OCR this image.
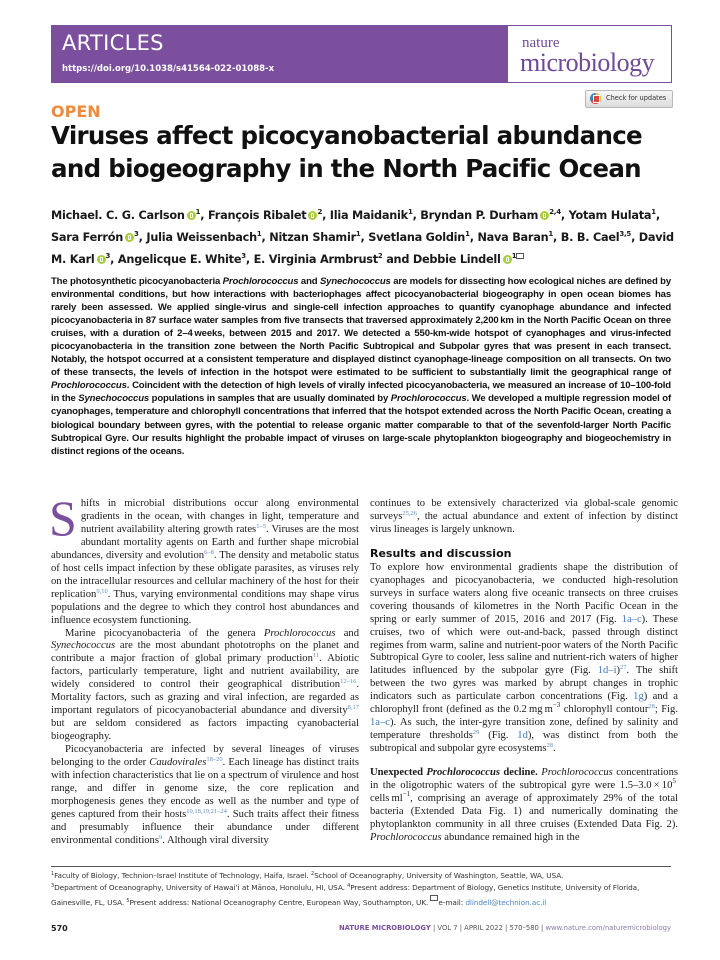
ARTICLES
https://doi.org/10.1038/s41564-022-01088-x
nature
microbiology
Check for updates
OPEN
Viruses affect picocyanobacterial abundance and biogeography in the North Pacific Ocean
Michael. C. G. Carlson $^1$, François Ribalet $^2$, Ilia Maidanik$^1$, Bryndan P. Durham $^{2,4}$, Yotam Hulata$^1$, Sara Ferrón $^3$, Julia Weissenbach$^1$, Nitzan Shamir$^1$, Svetlana Goldin$^1$, Nava Baran$^1$, B. B. Cael$^{3,5}$, David M. Karl $^3$, Angelicque E. White$^3$, E. Virginia Armbrust$^2$ and Debbie Lindell $^1$
The photosynthetic picocyanobacteria Prochlorococcus and Synechococcus are models for dissecting how ecological niches are defined by environmental conditions, but how interactions with bacteriophages affect picocyanobacterial biogeography in open ocean biomes has rarely been assessed. We applied single-virus and single-cell infection approaches to quantify cyanophage abundance and infected picocyanobacteria in 87 surface water samples from five transects that traversed approximately 2,200 km in the North Pacific Ocean on three cruises, with a duration of 2–4 weeks, between 2015 and 2017. We detected a 550-km-wide hotspot of cyanophages and virus-infected picocyanobacteria in the transition zone between the North Pacific Subtropical and Subpolar gyres that was present in each transect. Notably, the hotspot occurred at a consistent temperature and displayed distinct cyanophage-lineage composition on all transects. On two of these transects, the levels of infection in the hotspot were estimated to be sufficient to substantially limit the geographical range of Prochlorococcus. Coincident with the detection of high levels of virally infected picocyanobacteria, we measured an increase of 10–100-fold in the Synechococcus populations in samples that are usually dominated by Prochlorococcus. We developed a multiple regression model of cyanophages, temperature and chlorophyll concentrations that inferred that the hotspot extended across the North Pacific Ocean, creating a biological boundary between gyres, with the potential to release organic matter comparable to that of the sevenfold-larger North Pacific Subtropical Gyre. Our results highlight the probable impact of viruses on large-scale phytoplankton biogeography and biogeochemistry in distinct regions of the oceans.

Shifts in microbial distributions occur along environmental gradients in the ocean, with changes in light, temperature and nutrient availability altering growth rates$^{1-5}$. Viruses are the most abundant mortality agents on Earth and further shape microbial abundances, diversity and evolution$^{6-8}$. The density and metabolic status of host cells impact infection by these obligate parasites, as viruses rely on the intracellular resources and cellular machinery of the host for their replication$^{9,10}$. Thus, varying environmental conditions may shape virus populations and the degree to which they control host abundances and influence ecosystem functioning.

Marine picocyanobacteria of the genera Prochlorococcus and Synechococcus are the most abundant phototrophs on the planet and contribute a major fraction of global primary production$^{11}$. Abiotic factors, particularly temperature, light and nutrient availability, are widely considered to control their geographical distribution$^{12-16}$. Mortality factors, such as grazing and viral infection, are regarded as important regulators of picocyanobacterial abundance and diversity$^{8,17}$ but are seldom considered as factors impacting cyanobacterial biogeography.

Picocyanobacteria are infected by several lineages of viruses belonging to the order Caudovirales$^{18-20}$. Each lineage has distinct traits with infection characteristics that lie on a spectrum of virulence and host range, and differ in genome size, the core replication and morphogenesis genes they encode as well as the number and type of genes captured from their hosts$^{10,18,19,21-24}$. Such traits affect their fitness and presumably influence their abundance under different environmental conditions$^9$. Although viral diversity

continues to be extensively characterized via global-scale genomic surveys$^{25,26}$, the actual abundance and extent of infection by distinct virus lineages is largely unknown.

Results and discussion

To explore how environmental gradients shape the distribution of cyanophages and picocyanobacteria, we conducted high-resolution surveys in surface waters along five oceanic transects on three cruises covering thousands of kilometres in the North Pacific Ocean in the spring or early summer of 2015, 2016 and 2017 (Fig. 1a–c). These cruises, two of which were out-and-back, passed through distinct regimes from warm, saline and nutrient-poor waters of the North Pacific Subtropical Gyre to cooler, less saline and nutrient-rich waters of higher latitudes influenced by the subpolar gyre (Fig. 1d–i)$^{27}$. The shift between the two gyres was marked by abrupt changes in trophic indicators such as particulate carbon concentrations (Fig. 1g) and a chlorophyll front (defined as the 0.2 mg $m^{-3}$ chlorophyll contour$^{28}$; Fig. 1a–c). As such, the inter-gyre transition zone, defined by salinity and temperature thresholds$^{29}$ (Fig. 1d), was distinct from both the subtropical and subpolar gyre ecosystems$^{28}$.

Unexpected Prochlorococcus decline. Prochlorococcus concentrations in the oligotrophic waters of the subtropical gyre were $1.5-3.0 \times 10^5$ cells $ml^{-1}$, comprising an average of approximately 29% of the total bacteria (Extended Data Fig. 1) and numerically dominating the phytoplankton community in all three cruises (Extended Data Fig. 2). Prochlorococcus abundance remained high in the

$^1$Faculty of Biology, Technion–Israel Institute of Technology, Haifa, Israel. $^2$School of Oceanography, University of Washington, Seattle, WA, USA.
$^3$Department of Oceanography, University of Hawaiʻi at Mānoa, Honolulu, HI, USA. $^4$Present address: Department of Biology, Genetics Institute, University of Florida, Gainesville, FL, USA. $^5$Present address: National Oceanography Centre, European Way, Southampton, UK. e-mail: dlindell@technion.ac.il
570	NATURE MICROBIOLOGY | VOL 7 | APRIL 2022 | 570–580 | www.nature.com/naturemicrobiology
